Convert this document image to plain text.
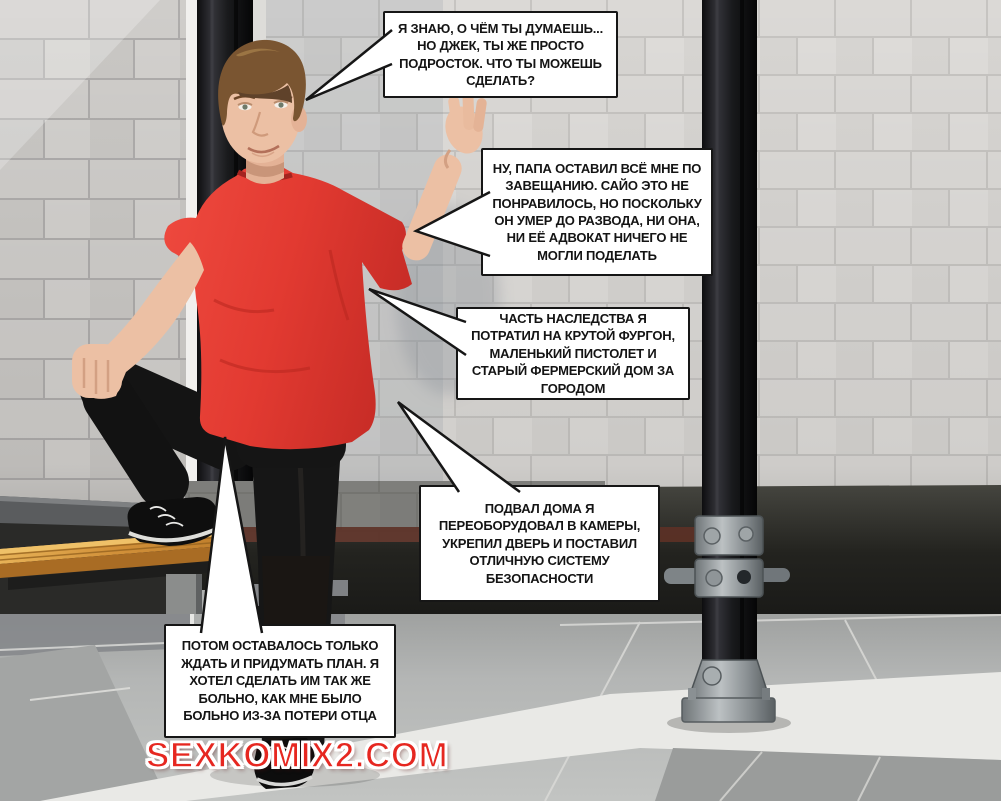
Я ЗНАЮ, О ЧЁМ ТЫ ДУМАЕШЬ... НО ДЖЕК, ТЫ ЖЕ ПРОСТО ПОДРОСТОК. ЧТО ТЫ МОЖЕШЬ СДЕЛАТЬ?
НУ, ПАПА ОСТАВИЛ ВСЁ МНЕ ПО ЗАВЕЩАНИЮ. САЙО ЭТО НЕ ПОНРАВИЛОСЬ, НО ПОСКОЛЬКУ ОН УМЕР ДО РАЗВОДА, НИ ОНА, НИ ЕЁ АДВОКАТ НИЧЕГО НЕ МОГЛИ ПОДЕЛАТЬ
ЧАСТЬ НАСЛЕДСТВА Я ПОТРАТИЛ НА КРУТОЙ ФУРГОН, МАЛЕНЬКИЙ ПИСТОЛЕТ И СТАРЫЙ ФЕРМЕРСКИЙ ДОМ ЗА ГОРОДОМ
ПОДВАЛ ДОМА Я ПЕРЕОБОРУДОВАЛ В КАМЕРЫ, УКРЕПИЛ ДВЕРЬ И ПОСТАВИЛ ОТЛИЧНУЮ СИСТЕМУ БЕЗОПАСНОСТИ
ПОТОМ ОСТАВАЛОСЬ ТОЛЬКО ЖДАТЬ И ПРИДУМАТЬ ПЛАН. Я ХОТЕЛ СДЕЛАТЬ ИМ ТАК ЖЕ БОЛЬНО, КАК МНЕ БЫЛО БОЛЬНО ИЗ-ЗА ПОТЕРИ ОТЦА
SEXKOMIX2.COM
